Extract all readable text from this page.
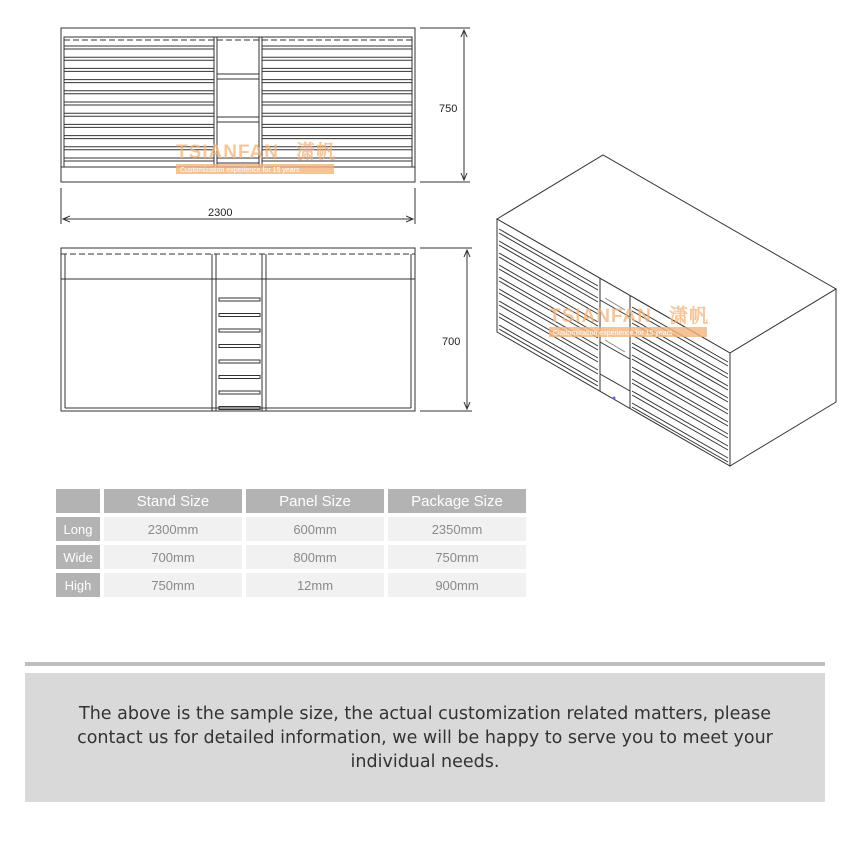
750
2300
TSIANFAN 潇帆
Customization experience for 15 years
700
TSIANFAN 潇帆
Customization experience for 15 years
	Stand Size	Panel Size	Package Size
Long	2300mm	600mm	2350mm
Wide	700mm	800mm	750mm
High	750mm	12mm	900mm

The above is the sample size, the actual customization related matters, please contact us for detailed information, we will be happy to serve you to meet your individual needs.
